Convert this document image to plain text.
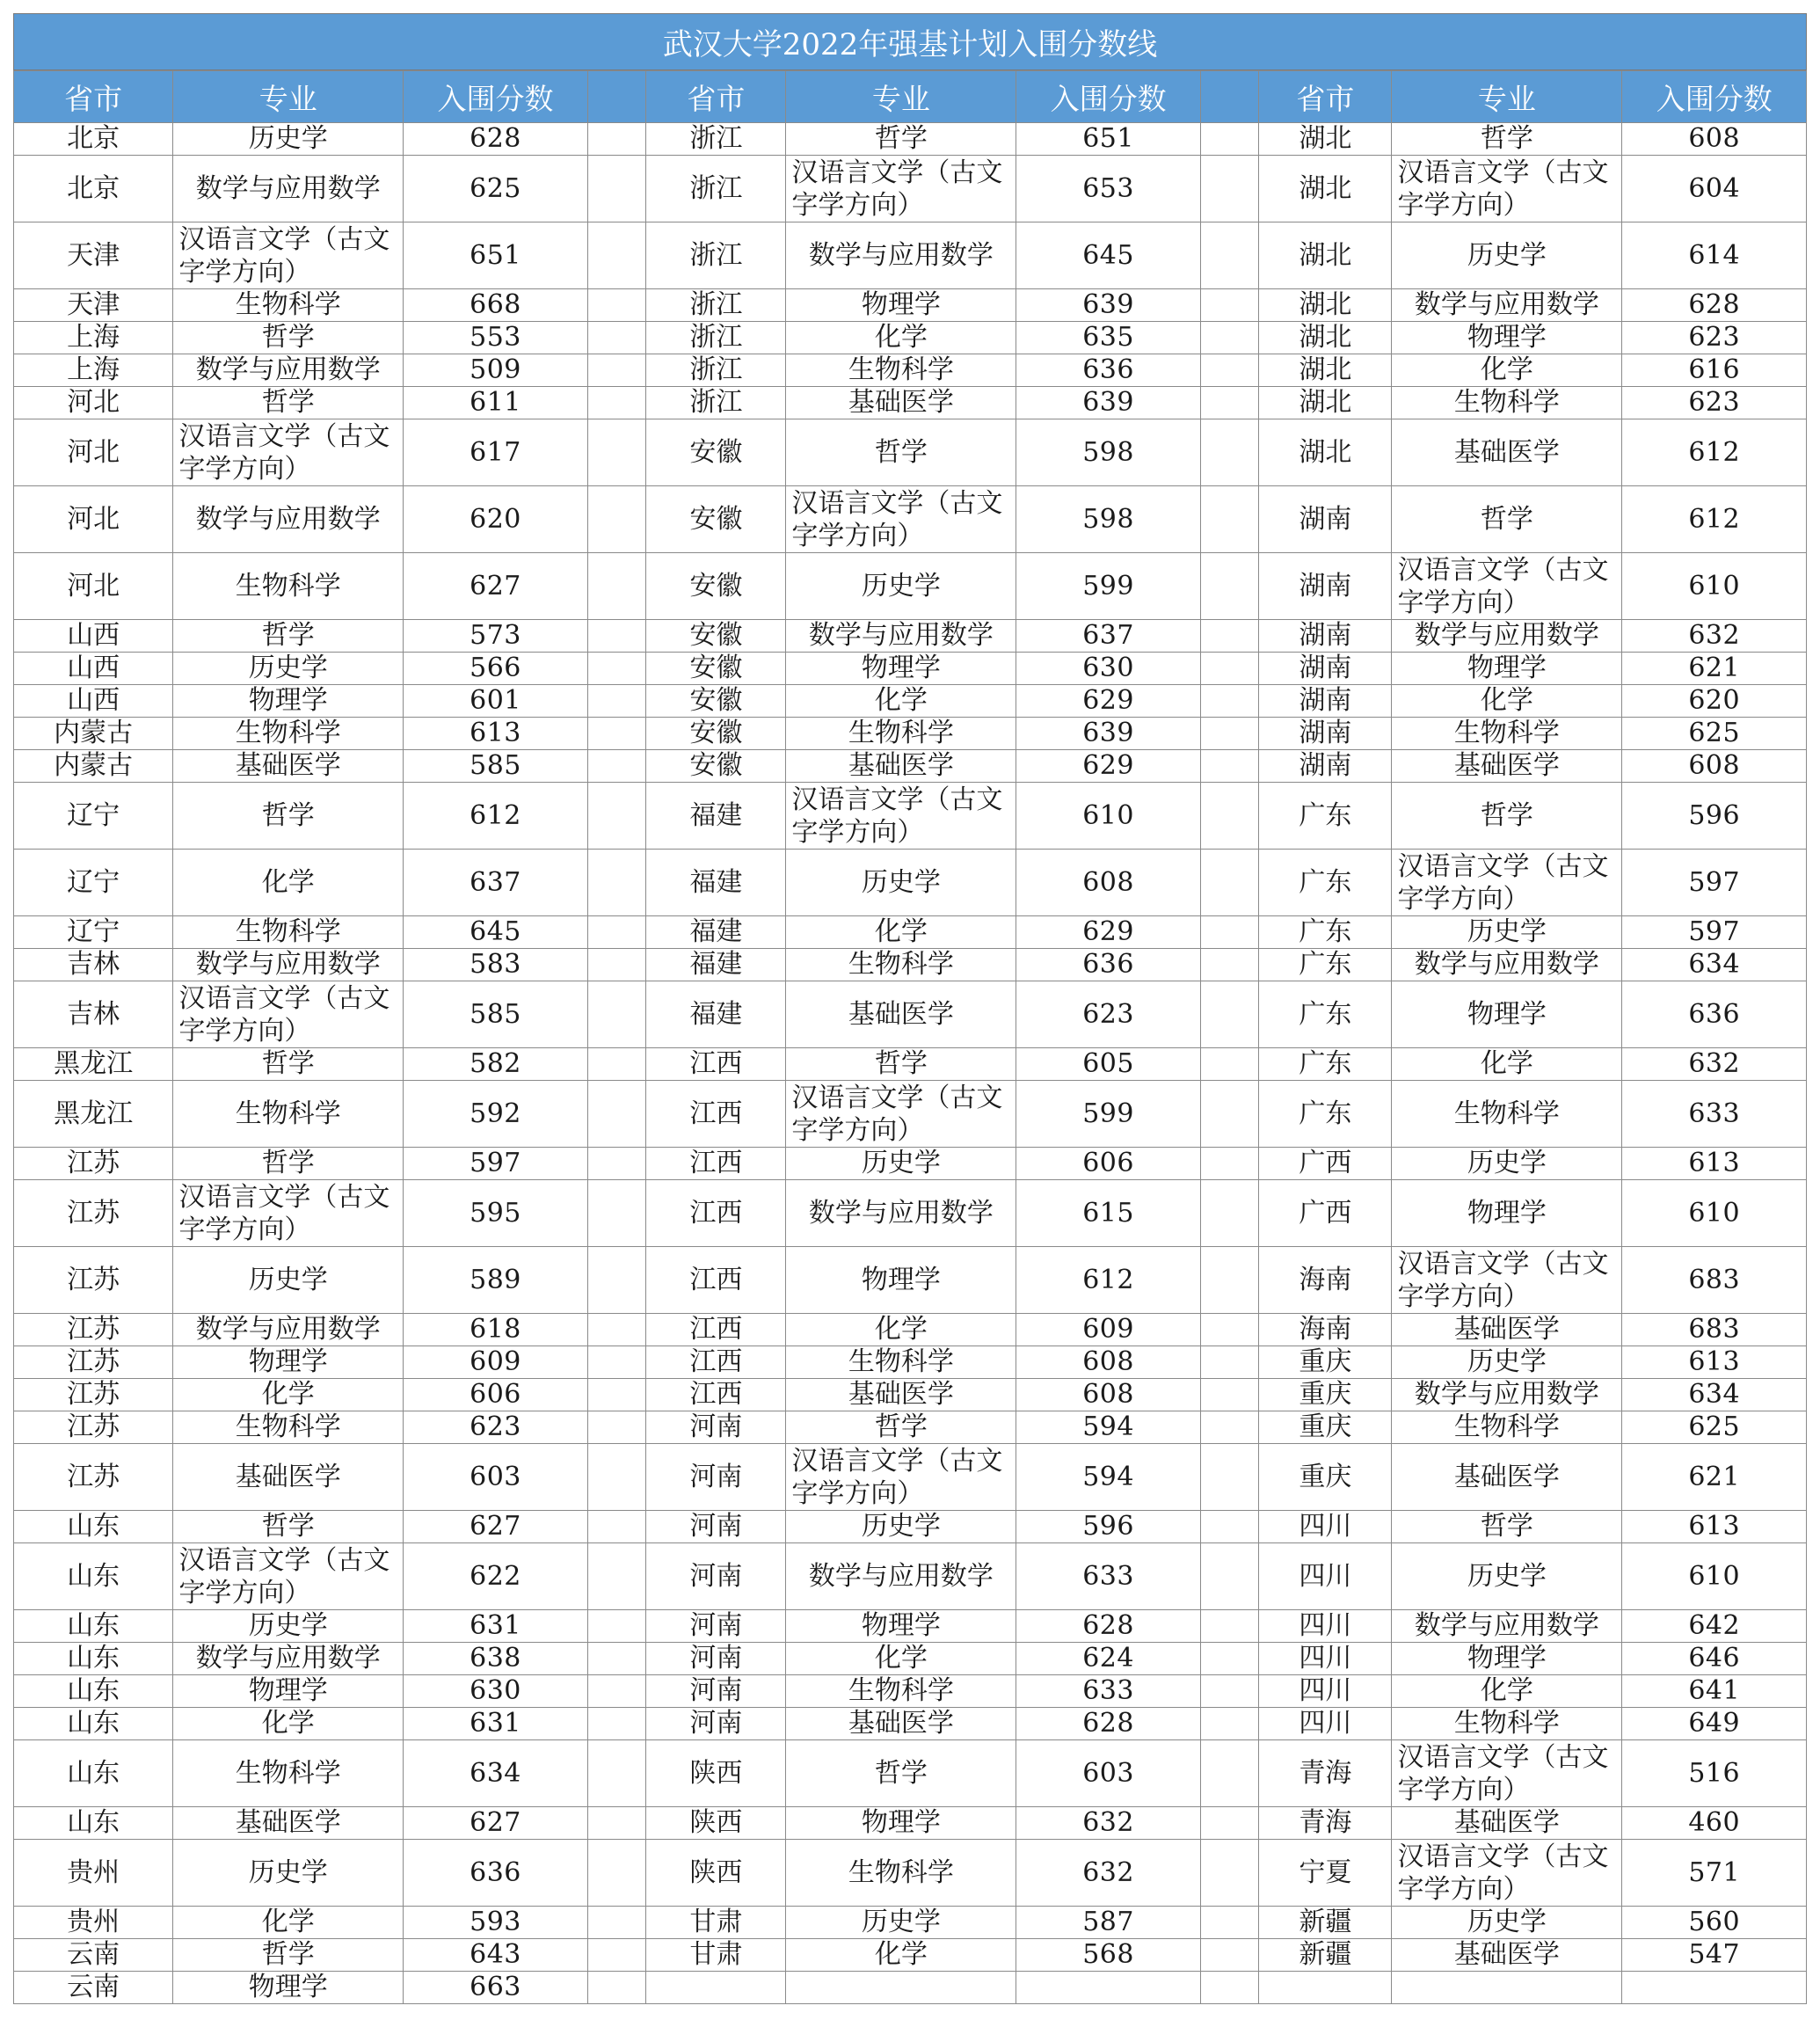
武汉大学2022年强基计划入围分数线
省市	专业	入围分数		省市	专业	入围分数		省市	专业	入围分数
北京	历史学	628		浙江	哲学	651		湖北	哲学	608
北京	数学与应用数学	625		浙江	汉语言文学（古文字学方向）	653		湖北	汉语言文学（古文字学方向）	604
天津	汉语言文学（古文字学方向）	651		浙江	数学与应用数学	645		湖北	历史学	614
天津	生物科学	668		浙江	物理学	639		湖北	数学与应用数学	628
上海	哲学	553		浙江	化学	635		湖北	物理学	623
上海	数学与应用数学	509		浙江	生物科学	636		湖北	化学	616
河北	哲学	611		浙江	基础医学	639		湖北	生物科学	623
河北	汉语言文学（古文字学方向）	617		安徽	哲学	598		湖北	基础医学	612
河北	数学与应用数学	620		安徽	汉语言文学（古文字学方向）	598		湖南	哲学	612
河北	生物科学	627		安徽	历史学	599		湖南	汉语言文学（古文字学方向）	610
山西	哲学	573		安徽	数学与应用数学	637		湖南	数学与应用数学	632
山西	历史学	566		安徽	物理学	630		湖南	物理学	621
山西	物理学	601		安徽	化学	629		湖南	化学	620
内蒙古	生物科学	613		安徽	生物科学	639		湖南	生物科学	625
内蒙古	基础医学	585		安徽	基础医学	629		湖南	基础医学	608
辽宁	哲学	612		福建	汉语言文学（古文字学方向）	610		广东	哲学	596
辽宁	化学	637		福建	历史学	608		广东	汉语言文学（古文字学方向）	597
辽宁	生物科学	645		福建	化学	629		广东	历史学	597
吉林	数学与应用数学	583		福建	生物科学	636		广东	数学与应用数学	634
吉林	汉语言文学（古文字学方向）	585		福建	基础医学	623		广东	物理学	636
黑龙江	哲学	582		江西	哲学	605		广东	化学	632
黑龙江	生物科学	592		江西	汉语言文学（古文字学方向）	599		广东	生物科学	633
江苏	哲学	597		江西	历史学	606		广西	历史学	613
江苏	汉语言文学（古文字学方向）	595		江西	数学与应用数学	615		广西	物理学	610
江苏	历史学	589		江西	物理学	612		海南	汉语言文学（古文字学方向）	683
江苏	数学与应用数学	618		江西	化学	609		海南	基础医学	683
江苏	物理学	609		江西	生物科学	608		重庆	历史学	613
江苏	化学	606		江西	基础医学	608		重庆	数学与应用数学	634
江苏	生物科学	623		河南	哲学	594		重庆	生物科学	625
江苏	基础医学	603		河南	汉语言文学（古文字学方向）	594		重庆	基础医学	621
山东	哲学	627		河南	历史学	596		四川	哲学	613
山东	汉语言文学（古文字学方向）	622		河南	数学与应用数学	633		四川	历史学	610
山东	历史学	631		河南	物理学	628		四川	数学与应用数学	642
山东	数学与应用数学	638		河南	化学	624		四川	物理学	646
山东	物理学	630		河南	生物科学	633		四川	化学	641
山东	化学	631		河南	基础医学	628		四川	生物科学	649
山东	生物科学	634		陕西	哲学	603		青海	汉语言文学（古文字学方向）	516
山东	基础医学	627		陕西	物理学	632		青海	基础医学	460
贵州	历史学	636		陕西	生物科学	632		宁夏	汉语言文学（古文字学方向）	571
贵州	化学	593		甘肃	历史学	587		新疆	历史学	560
云南	哲学	643		甘肃	化学	568		新疆	基础医学	547
云南	物理学	663								
